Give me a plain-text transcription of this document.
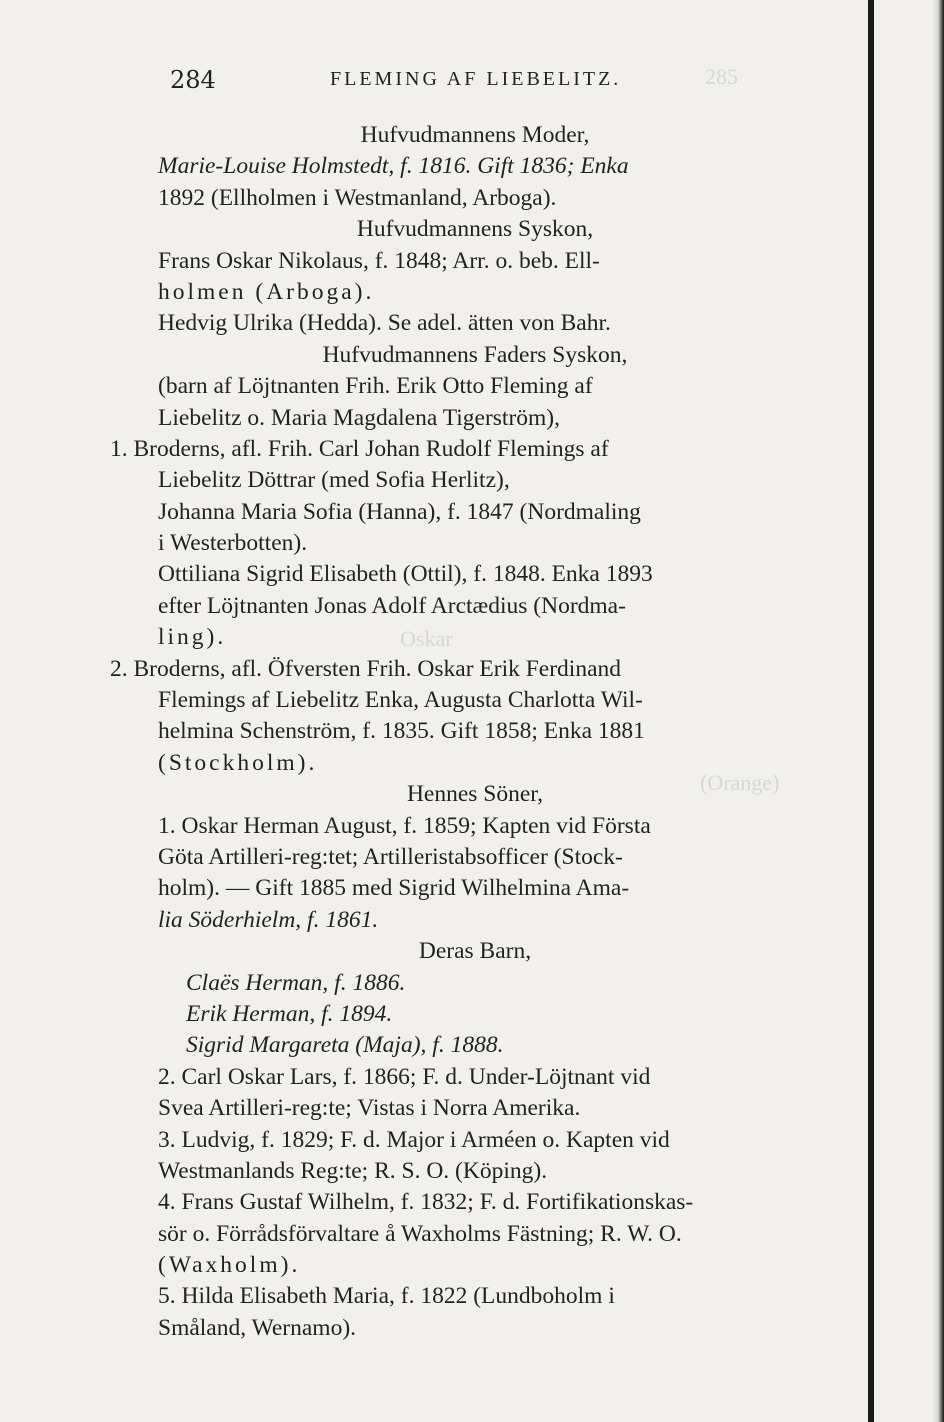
285
Oskar
(Orange)
284	FLEMING AF LIEBELITZ.
Hufvudmannens Moder,
Marie-Louise Holmstedt, f. 1816. Gift 1836; Enka
1892 (Ellholmen i Westmanland, Arboga).
Hufvudmannens Syskon,
Frans Oskar Nikolaus, f. 1848; Arr. o. beb. Ell-
holmen (Arboga).
Hedvig Ulrika (Hedda). Se adel. ätten von Bahr.
Hufvudmannens Faders Syskon,
(barn af Löjtnanten Frih. Erik Otto Fleming af
Liebelitz o. Maria Magdalena Tigerström),
1. Broderns, afl. Frih. Carl Johan Rudolf Flemings af
Liebelitz Döttrar (med Sofia Herlitz),
Johanna Maria Sofia (Hanna), f. 1847 (Nordmaling
i Westerbotten).
Ottiliana Sigrid Elisabeth (Ottil), f. 1848. Enka 1893
efter Löjtnanten Jonas Adolf Arctædius (Nordma-
ling).
2. Broderns, afl. Öfversten Frih. Oskar Erik Ferdinand
Flemings af Liebelitz Enka, Augusta Charlotta Wil-
helmina Schenström, f. 1835. Gift 1858; Enka 1881
(Stockholm).
Hennes Söner,
1. Oskar Herman August, f. 1859; Kapten vid Första
Göta Artilleri-reg:tet; Artilleristabsofficer (Stock-
holm). — Gift 1885 med Sigrid Wilhelmina Ama-
lia Söderhielm, f. 1861.
Deras Barn,
Claës Herman, f. 1886.
Erik Herman, f. 1894.
Sigrid Margareta (Maja), f. 1888.
2. Carl Oskar Lars, f. 1866; F. d. Under-Löjtnant vid
Svea Artilleri-reg:te; Vistas i Norra Amerika.
3. Ludvig, f. 1829; F. d. Major i Arméen o. Kapten vid
Westmanlands Reg:te; R. S. O. (Köping).
4. Frans Gustaf Wilhelm, f. 1832; F. d. Fortifikationskas-
sör o. Förrådsförvaltare å Waxholms Fästning; R. W. O.
(Waxholm).
5. Hilda Elisabeth Maria, f. 1822 (Lundboholm i
Småland, Wernamo).
